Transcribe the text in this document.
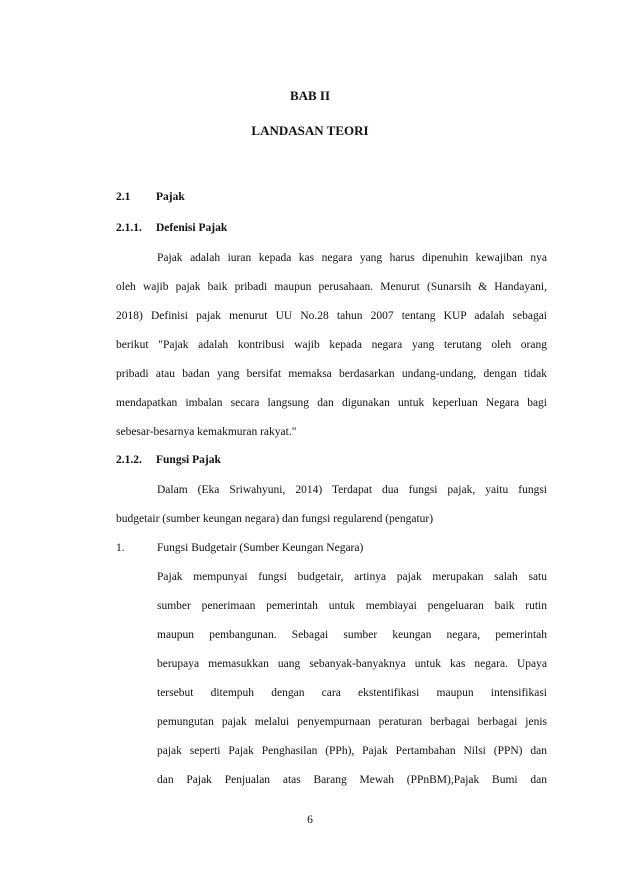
BAB II
LANDASAN TEORI
2.1 Pajak
2.1.1. Defenisi Pajak
Pajak adalah iuran kepada kas negara yang harus dipenuhin kewajiban nya
oleh wajib pajak baik pribadi maupun perusahaan. Menurut (Sunarsih & Handayani,
2018) Definisi pajak menurut UU No.28 tahun 2007 tentang KUP adalah sebagai
berikut "Pajak adalah kontribusi wajib kepada negara yang terutang oleh orang
pribadi atau badan yang bersifat memaksa berdasarkan undang-undang, dengan tidak
mendapatkan imbalan secara langsung dan digunakan untuk keperluan Negara bagi
sebesar-besarnya kemakmuran rakyat."
2.1.2. Fungsi Pajak
Dalam (Eka Sriwahyuni, 2014) Terdapat dua fungsi pajak, yaitu fungsi
budgetair (sumber keungan negara) dan fungsi regularend (pengatur)
1.	Fungsi Budgetair (Sumber Keungan Negara)
Pajak mempunyai fungsi budgetair, artinya pajak merupakan salah satu
sumber penerimaan pemerintah untuk membiayai pengeluaran baik rutin
maupun pembangunan. Sebagai sumber keungan negara, pemerintah
berupaya memasukkan uang sebanyak-banyaknya untuk kas negara. Upaya
tersebut ditempuh dengan cara ekstentifikasi maupun intensifikasi
pemungutan pajak melalui penyempurnaan peraturan berbagai berbagai jenis
pajak seperti Pajak Penghasilan (PPh), Pajak Pertambahan Nilsi (PPN) dan
dan Pajak Penjualan atas Barang Mewah (PPnBM),Pajak Bumi dan
6
